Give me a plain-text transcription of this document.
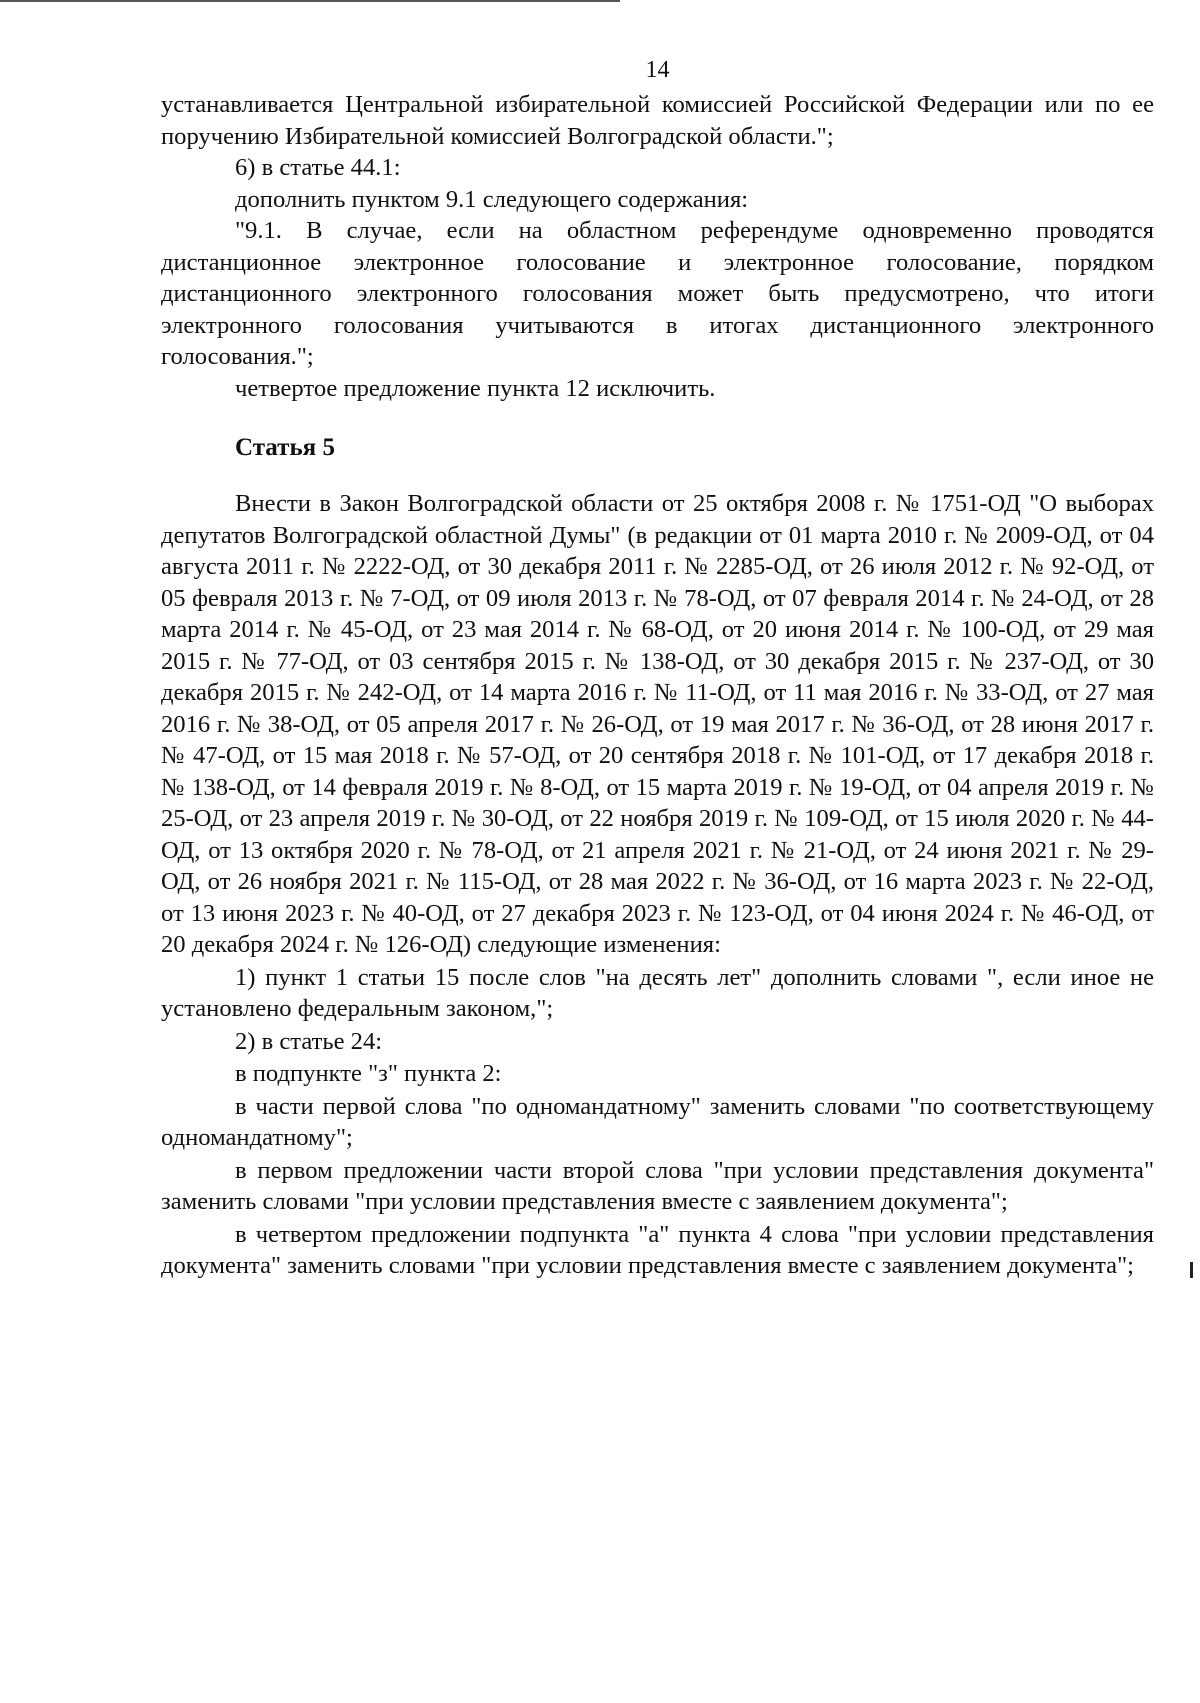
14

устанавливается Центральной избирательной комиссией Российской Федерации или по ее поручению Избирательной комиссией Волгоградской области.";

6) в статье 44.1:

дополнить пунктом 9.1 следующего содержания:

"9.1. В случае, если на областном референдуме одновременно проводятся дистанционное электронное голосование и электронное голосование, порядком дистанционного электронного голосования может быть предусмотрено, что итоги электронного голосования учитываются в итогах дистанционного электронного голосования.";

четвертое предложение пункта 12 исключить.

Статья 5

Внести в Закон Волгоградской области от 25 октября 2008 г. № 1751-ОД "О выборах депутатов Волгоградской областной Думы" (в редакции от 01 марта 2010 г. № 2009-ОД, от 04 августа 2011 г. № 2222-ОД, от 30 декабря 2011 г. № 2285-ОД, от 26 июля 2012 г. № 92-ОД, от 05 февраля 2013 г. № 7-ОД, от 09 июля 2013 г. № 78-ОД, от 07 февраля 2014 г. № 24-ОД, от 28 марта 2014 г. № 45-ОД, от 23 мая 2014 г. № 68-ОД, от 20 июня 2014 г. № 100-ОД, от 29 мая 2015 г. № 77-ОД, от 03 сентября 2015 г. № 138-ОД, от 30 декабря 2015 г. № 237-ОД, от 30 декабря 2015 г. № 242-ОД, от 14 марта 2016 г. № 11-ОД, от 11 мая 2016 г. № 33-ОД, от 27 мая 2016 г. № 38-ОД, от 05 апреля 2017 г. № 26-ОД, от 19 мая 2017 г. № 36-ОД, от 28 июня 2017 г. № 47-ОД, от 15 мая 2018 г. № 57-ОД, от 20 сентября 2018 г. № 101-ОД, от 17 декабря 2018 г. № 138-ОД, от 14 февраля 2019 г. № 8-ОД, от 15 марта 2019 г. № 19-ОД, от 04 апреля 2019 г. № 25-ОД, от 23 апреля 2019 г. № 30-ОД, от 22 ноября 2019 г. № 109-ОД, от 15 июля 2020 г. № 44-ОД, от 13 октября 2020 г. № 78-ОД, от 21 апреля 2021 г. № 21-ОД, от 24 июня 2021 г. № 29-ОД, от 26 ноября 2021 г. № 115-ОД, от 28 мая 2022 г. № 36-ОД, от 16 марта 2023 г. № 22-ОД, от 13 июня 2023 г. № 40-ОД, от 27 декабря 2023 г. № 123-ОД, от 04 июня 2024 г. № 46-ОД, от 20 декабря 2024 г. № 126-ОД) следующие изменения:

1) пункт 1 статьи 15 после слов "на десять лет" дополнить словами ", если иное не установлено федеральным законом,";

2) в статье 24:

в подпункте "з" пункта 2:

в части первой слова "по одномандатному" заменить словами "по соответствующему одномандатному";

в первом предложении части второй слова "при условии представления документа" заменить словами "при условии представления вместе с заявлением документа";

в четвертом предложении подпункта "а" пункта 4 слова "при условии представления документа" заменить словами "при условии представления вместе с заявлением документа";
